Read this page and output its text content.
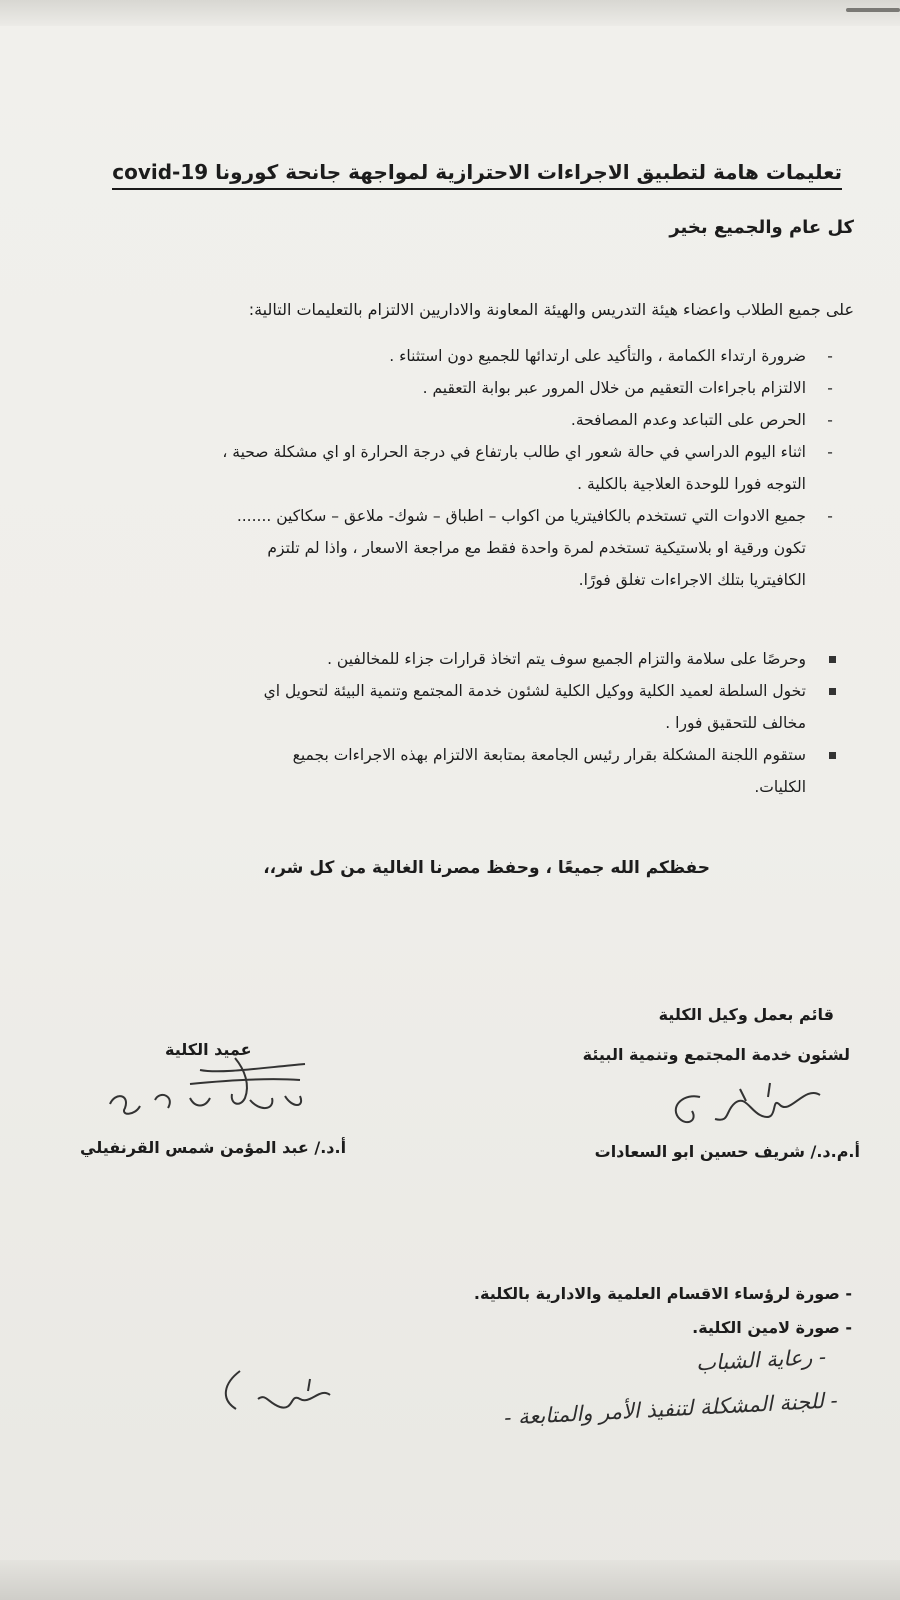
تعليمات هامة لتطبيق الاجراءات الاحترازية لمواجهة جانحة كورونا covid-19
كل عام والجميع بخير
على جميع الطلاب واعضاء هيئة التدريس والهيئة المعاونة والاداريين الالتزام بالتعليمات التالية:
-
ضرورة ارتداء الكمامة ، والتأكيد على ارتدائها للجميع دون استثناء .
-
الالتزام باجراءات التعقيم من خلال المرور عبر بوابة التعقيم .
-
الحرص على التباعد وعدم المصافحة.
-
اثناء اليوم الدراسي في حالة شعور اي طالب بارتفاع في درجة الحرارة او اي مشكلة صحية ،
التوجه فورا للوحدة العلاجية بالكلية .
-
جميع الادوات التي تستخدم بالكافيتريا من اكواب – اطباق – شوك- ملاعق – سكاكين .......
تكون ورقية او بلاستيكية تستخدم لمرة واحدة فقط مع مراجعة الاسعار ، واذا لم تلتزم
الكافيتريا بتلك الاجراءات تغلق فورًا.
وحرصًا على سلامة والتزام الجميع سوف يتم اتخاذ قرارات جزاء للمخالفين .
تخول السلطة لعميد الكلية ووكيل الكلية لشئون خدمة المجتمع وتنمية البيئة لتحويل اي
مخالف للتحقيق فورا .
ستقوم اللجنة المشكلة بقرار رئيس الجامعة بمتابعة الالتزام بهذه الاجراءات بجميع
الكليات.
حفظكم الله جميعًا ، وحفظ مصرنا الغالية من كل شر،،
قائم بعمل وكيل الكلية
لشئون خدمة المجتمع وتنمية البيئة
أ.م.د./ شريف حسين ابو السعادات
عميد الكلية
أ.د./ عبد المؤمن شمس القرنفيلي
- صورة لرؤساء الاقسام العلمية والادارية بالكلية.
- صورة لامين الكلية.
- رعاية الشباب
- للجنة المشكلة لتنفيذ الأمر والمتابعة -
